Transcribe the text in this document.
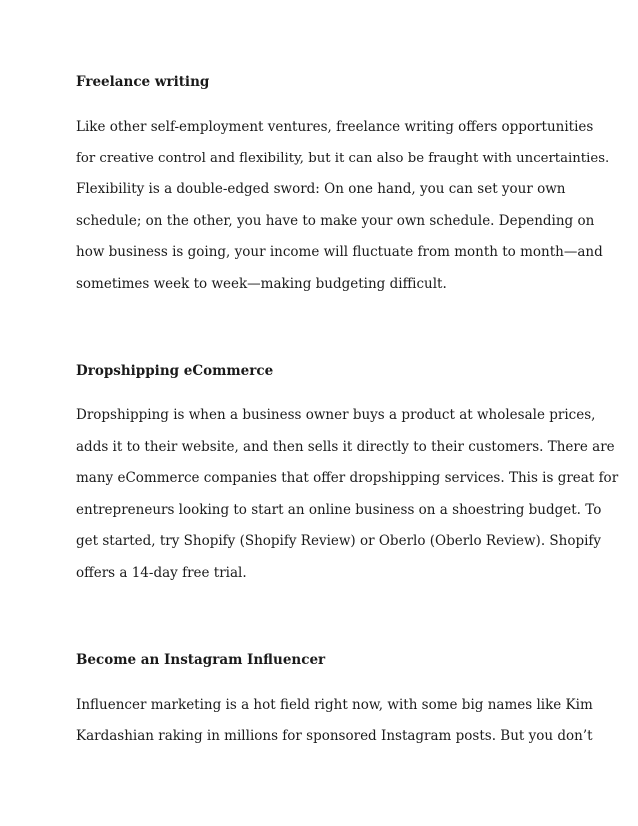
Freelance writing
Like other self-employment ventures, freelance writing offers opportunities
for creative control and flexibility, but it can also be fraught with uncertainties.
Flexibility is a double-edged sword: On one hand, you can set your own
schedule; on the other, you have to make your own schedule. Depending on
how business is going, your income will fluctuate from month to month—and
sometimes week to week—making budgeting difficult.
Dropshipping eCommerce
Dropshipping is when a business owner buys a product at wholesale prices,
adds it to their website, and then sells it directly to their customers. There are
many eCommerce companies that offer dropshipping services. This is great for
entrepreneurs looking to start an online business on a shoestring budget. To
get started, try Shopify (Shopify Review) or Oberlo (Oberlo Review). Shopify
offers a 14-day free trial.
Become an Instagram Influencer
Influencer marketing is a hot field right now, with some big names like Kim
Kardashian raking in millions for sponsored Instagram posts. But you don’t
